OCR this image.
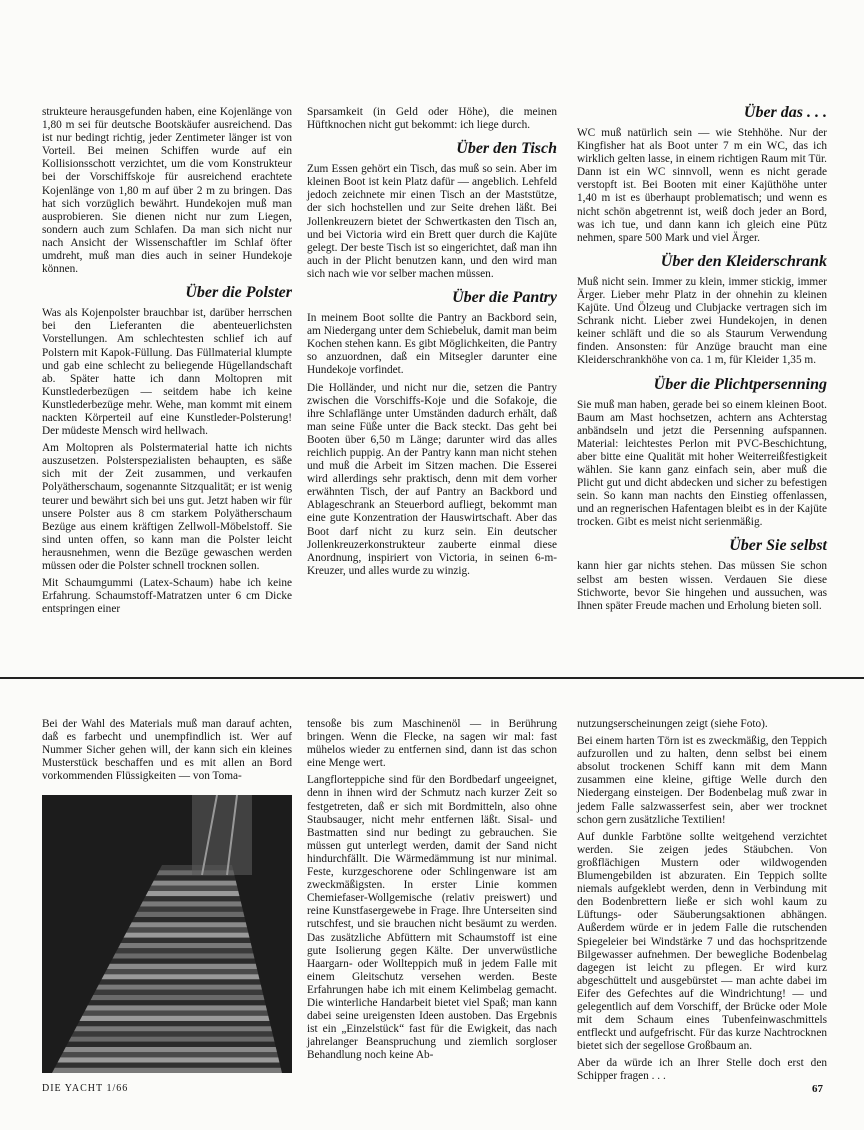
strukteure herausgefunden haben, eine Kojenlänge von 1,80 m sei für deutsche Bootskäufer ausreichend. Das ist nur bedingt richtig, jeder Zentimeter länger ist von Vorteil. Bei meinen Schiffen wurde auf ein Kollisionsschott verzichtet, um die vom Konstrukteur bei der Vorschiffskoje für ausreichend erachtete Kojenlänge von 1,80 m auf über 2 m zu bringen. Das hat sich vorzüglich bewährt. Hundekojen muß man ausprobieren. Sie dienen nicht nur zum Liegen, sondern auch zum Schlafen. Da man sich nicht nur nach Ansicht der Wissenschaftler im Schlaf öfter umdreht, muß man dies auch in seiner Hundekoje können.

Über die Polster

Was als Kojenpolster brauchbar ist, darüber herrschen bei den Lieferanten die abenteuerlichsten Vorstellungen. Am schlechtesten schlief ich auf Polstern mit Kapok-Füllung. Das Füllmaterial klumpte und gab eine schlecht zu beliegende Hügellandschaft ab. Später hatte ich dann Moltopren mit Kunstlederbezügen — seitdem habe ich keine Kunstlederbezüge mehr. Wehe, man kommt mit einem nackten Körperteil auf eine Kunstleder-Polsterung! Der müdeste Mensch wird hellwach.

Am Moltopren als Polstermaterial hatte ich nichts auszusetzen. Polsterspezialisten behaupten, es säße sich mit der Zeit zusammen, und verkaufen Polyätherschaum, sogenannte Sitzqualität; er ist wenig teurer und bewährt sich bei uns gut. Jetzt haben wir für unsere Polster aus 8 cm starkem Polyätherschaum Bezüge aus einem kräftigen Zellwoll-Möbelstoff. Sie sind unten offen, so kann man die Polster leicht herausnehmen, wenn die Bezüge gewaschen werden müssen oder die Polster schnell trocknen sollen.

Mit Schaumgummi (Latex-Schaum) habe ich keine Erfahrung. Schaumstoff-Matratzen unter 6 cm Dicke entspringen einer

Sparsamkeit (in Geld oder Höhe), die meinen Hüftknochen nicht gut bekommt: ich liege durch.

Über den Tisch

Zum Essen gehört ein Tisch, das muß so sein. Aber im kleinen Boot ist kein Platz dafür — angeblich. Lehfeld jedoch zeichnete mir einen Tisch an der Maststütze, der sich hochstellen und zur Seite drehen läßt. Bei Jollenkreuzern bietet der Schwertkasten den Tisch an, und bei Victoria wird ein Brett quer durch die Kajüte gelegt. Der beste Tisch ist so eingerichtet, daß man ihn auch in der Plicht benutzen kann, und den wird man sich nach wie vor selber machen müssen.

Über die Pantry

In meinem Boot sollte die Pantry an Backbord sein, am Niedergang unter dem Schiebeluk, damit man beim Kochen stehen kann. Es gibt Möglichkeiten, die Pantry so anzuordnen, daß ein Mitsegler darunter eine Hundekoje vorfindet.

Die Holländer, und nicht nur die, setzen die Pantry zwischen die Vorschiffs-Koje und die Sofakoje, die ihre Schlaflänge unter Umständen dadurch erhält, daß man seine Füße unter die Back steckt. Das geht bei Booten über 6,50 m Länge; darunter wird das alles reichlich puppig. An der Pantry kann man nicht stehen und muß die Arbeit im Sitzen machen. Die Esserei wird allerdings sehr praktisch, denn mit dem vorher erwähnten Tisch, der auf Pantry an Backbord und Ablageschrank an Steuerbord aufliegt, bekommt man eine gute Konzentration der Hauswirtschaft. Aber das Boot darf nicht zu kurz sein. Ein deutscher Jollenkreuzerkonstrukteur zauberte einmal diese Anordnung, inspiriert von Victoria, in seinen 6-m-Kreuzer, und alles wurde zu winzig.

Über das . . .

WC muß natürlich sein — wie Stehhöhe. Nur der Kingfisher hat als Boot unter 7 m ein WC, das ich wirklich gelten lasse, in einem richtigen Raum mit Tür. Dann ist ein WC sinnvoll, wenn es nicht gerade verstopft ist. Bei Booten mit einer Kajüthöhe unter 1,40 m ist es überhaupt problematisch; und wenn es nicht schön abgetrennt ist, weiß doch jeder an Bord, was ich tue, und dann kann ich gleich eine Pütz nehmen, spare 500 Mark und viel Ärger.

Über den Kleiderschrank

Muß nicht sein. Immer zu klein, immer stickig, immer Ärger. Lieber mehr Platz in der ohnehin zu kleinen Kajüte. Und Ölzeug und Clubjacke vertragen sich im Schrank nicht. Lieber zwei Hundekojen, in denen keiner schläft und die so als Staurum Verwendung finden. Ansonsten: für Anzüge braucht man eine Kleiderschrankhöhe von ca. 1 m, für Kleider 1,35 m.

Über die Plichtpersenning

Sie muß man haben, gerade bei so einem kleinen Boot. Baum am Mast hochsetzen, achtern ans Achterstag anbändseln und jetzt die Persenning aufspannen. Material: leichtestes Perlon mit PVC-Beschichtung, aber bitte eine Qualität mit hoher Weiterreißfestigkeit wählen. Sie kann ganz einfach sein, aber muß die Plicht gut und dicht abdecken und sicher zu befestigen sein. So kann man nachts den Einstieg offenlassen, und an regnerischen Hafentagen bleibt es in der Kajüte trocken. Gibt es meist nicht serienmäßig.

Über Sie selbst

kann hier gar nichts stehen. Das müssen Sie schon selbst am besten wissen. Verdauen Sie diese Stichworte, bevor Sie hingehen und aussuchen, was Ihnen später Freude machen und Erholung bieten soll.

Bei der Wahl des Materials muß man darauf achten, daß es farbecht und unempfindlich ist. Wer auf Nummer Sicher gehen will, der kann sich ein kleines Musterstück beschaffen und es mit allen an Bord vorkommenden Flüssigkeiten — von Toma-

tensoße bis zum Maschinenöl — in Berührung bringen. Wenn die Flecke, na sagen wir mal: fast mühelos wieder zu entfernen sind, dann ist das schon eine Menge wert.

Langflorteppiche sind für den Bordbedarf ungeeignet, denn in ihnen wird der Schmutz nach kurzer Zeit so festgetreten, daß er sich mit Bordmitteln, also ohne Staubsauger, nicht mehr entfernen läßt. Sisal- und Bastmatten sind nur bedingt zu gebrauchen. Sie müssen gut unterlegt werden, damit der Sand nicht hindurchfällt. Die Wärmedämmung ist nur minimal. Feste, kurzgeschorene oder Schlingenware ist am zweckmäßigsten. In erster Linie kommen Chemiefaser-Wollgemische (relativ preiswert) und reine Kunstfasergewebe in Frage. Ihre Unterseiten sind rutschfest, und sie brauchen nicht besäumt zu werden. Das zusätzliche Abfüttern mit Schaumstoff ist eine gute Isolierung gegen Kälte. Der unverwüstliche Haargarn- oder Wollteppich muß in jedem Falle mit einem Gleitschutz versehen werden. Beste Erfahrungen habe ich mit einem Kelimbelag gemacht. Die winterliche Handarbeit bietet viel Spaß; man kann dabei seine ureigensten Ideen austoben. Das Ergebnis ist ein „Einzelstück“ fast für die Ewigkeit, das nach jahrelanger Beanspruchung und ziemlich sorgloser Behandlung noch keine Ab-

nutzungserscheinungen zeigt (siehe Foto).

Bei einem harten Törn ist es zweckmäßig, den Teppich aufzurollen und zu halten, denn selbst bei einem absolut trockenen Schiff kann mit dem Mann zusammen eine kleine, giftige Welle durch den Niedergang einsteigen. Der Bodenbelag muß zwar in jedem Falle salzwasserfest sein, aber wer trocknet schon gern zusätzliche Textilien!

Auf dunkle Farbtöne sollte weitgehend verzichtet werden. Sie zeigen jedes Stäubchen. Von großflächigen Mustern oder wildwogenden Blumengebilden ist abzuraten. Ein Teppich sollte niemals aufgeklebt werden, denn in Verbindung mit den Bodenbrettern ließe er sich wohl kaum zu Lüftungs- oder Säuberungsaktionen abhängen. Außerdem würde er in jedem Falle die rutschenden Spiegeleier bei Windstärke 7 und das hochspritzende Bilgewasser aufnehmen. Der bewegliche Bodenbelag dagegen ist leicht zu pflegen. Er wird kurz abgeschüttelt und ausgebürstet — man achte dabei im Eifer des Gefechtes auf die Windrichtung! — und gelegentlich auf dem Vorschiff, der Brücke oder Mole mit dem Schaum eines Tubenfeinwaschmittels entfleckt und aufgefrischt. Für das kurze Nachtrocknen bietet sich der segellose Großbaum an.

Aber da würde ich an Ihrer Stelle doch erst den Schipper fragen . . .

DIE YACHT 1/66	67
